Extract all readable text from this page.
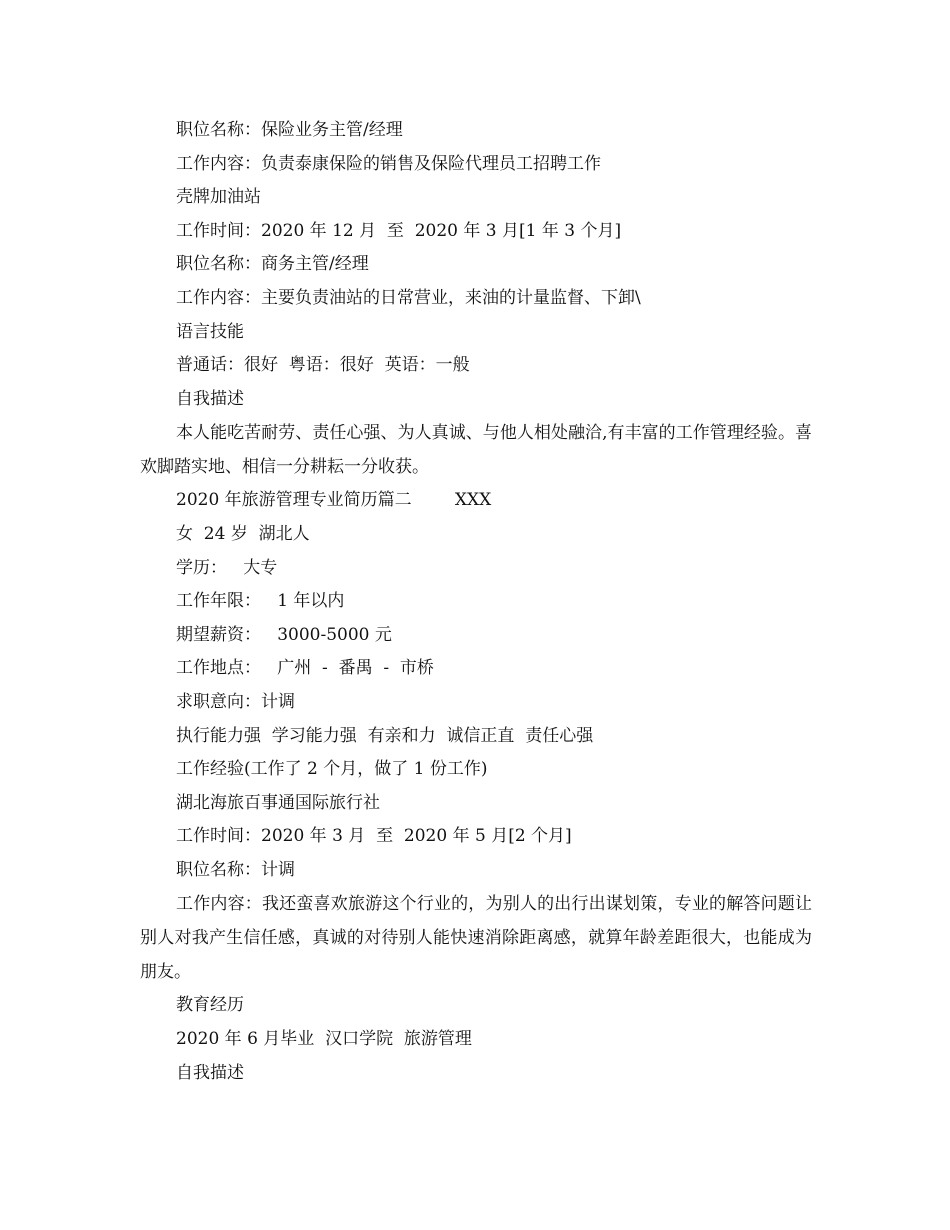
职位名称：保险业务主管/经理
工作内容：负责泰康保险的销售及保险代理员工招聘工作
壳牌加油站
工作时间：2020 年 12 月  至  2020 年 3 月[1 年 3 个月]
职位名称：商务主管/经理
工作内容：主要负责油站的日常营业，来油的计量监督、下卸\
语言技能
普通话：很好  粤语：很好  英语：一般
自我描述
本人能吃苦耐劳、责任心强、为人真诚、与他人相处融洽,有丰富的工作管理经验。喜欢脚踏实地、相信一分耕耘一分收获。
2020 年旅游管理专业简历篇二        XXX
女  24 岁  湖北人
学历：   大专
工作年限：   1 年以内
期望薪资：   3000-5000 元
工作地点：   广州  -  番禺  -  市桥
求职意向：计调
执行能力强  学习能力强  有亲和力  诚信正直  责任心强
工作经验(工作了 2 个月，做了 1 份工作)
湖北海旅百事通国际旅行社
工作时间：2020 年 3 月  至  2020 年 5 月[2 个月]
职位名称：计调
工作内容：我还蛮喜欢旅游这个行业的，为别人的出行出谋划策，专业的解答问题让别人对我产生信任感，真诚的对待别人能快速消除距离感，就算年龄差距很大，也能成为朋友。
教育经历
2020 年 6 月毕业  汉口学院  旅游管理
自我描述
